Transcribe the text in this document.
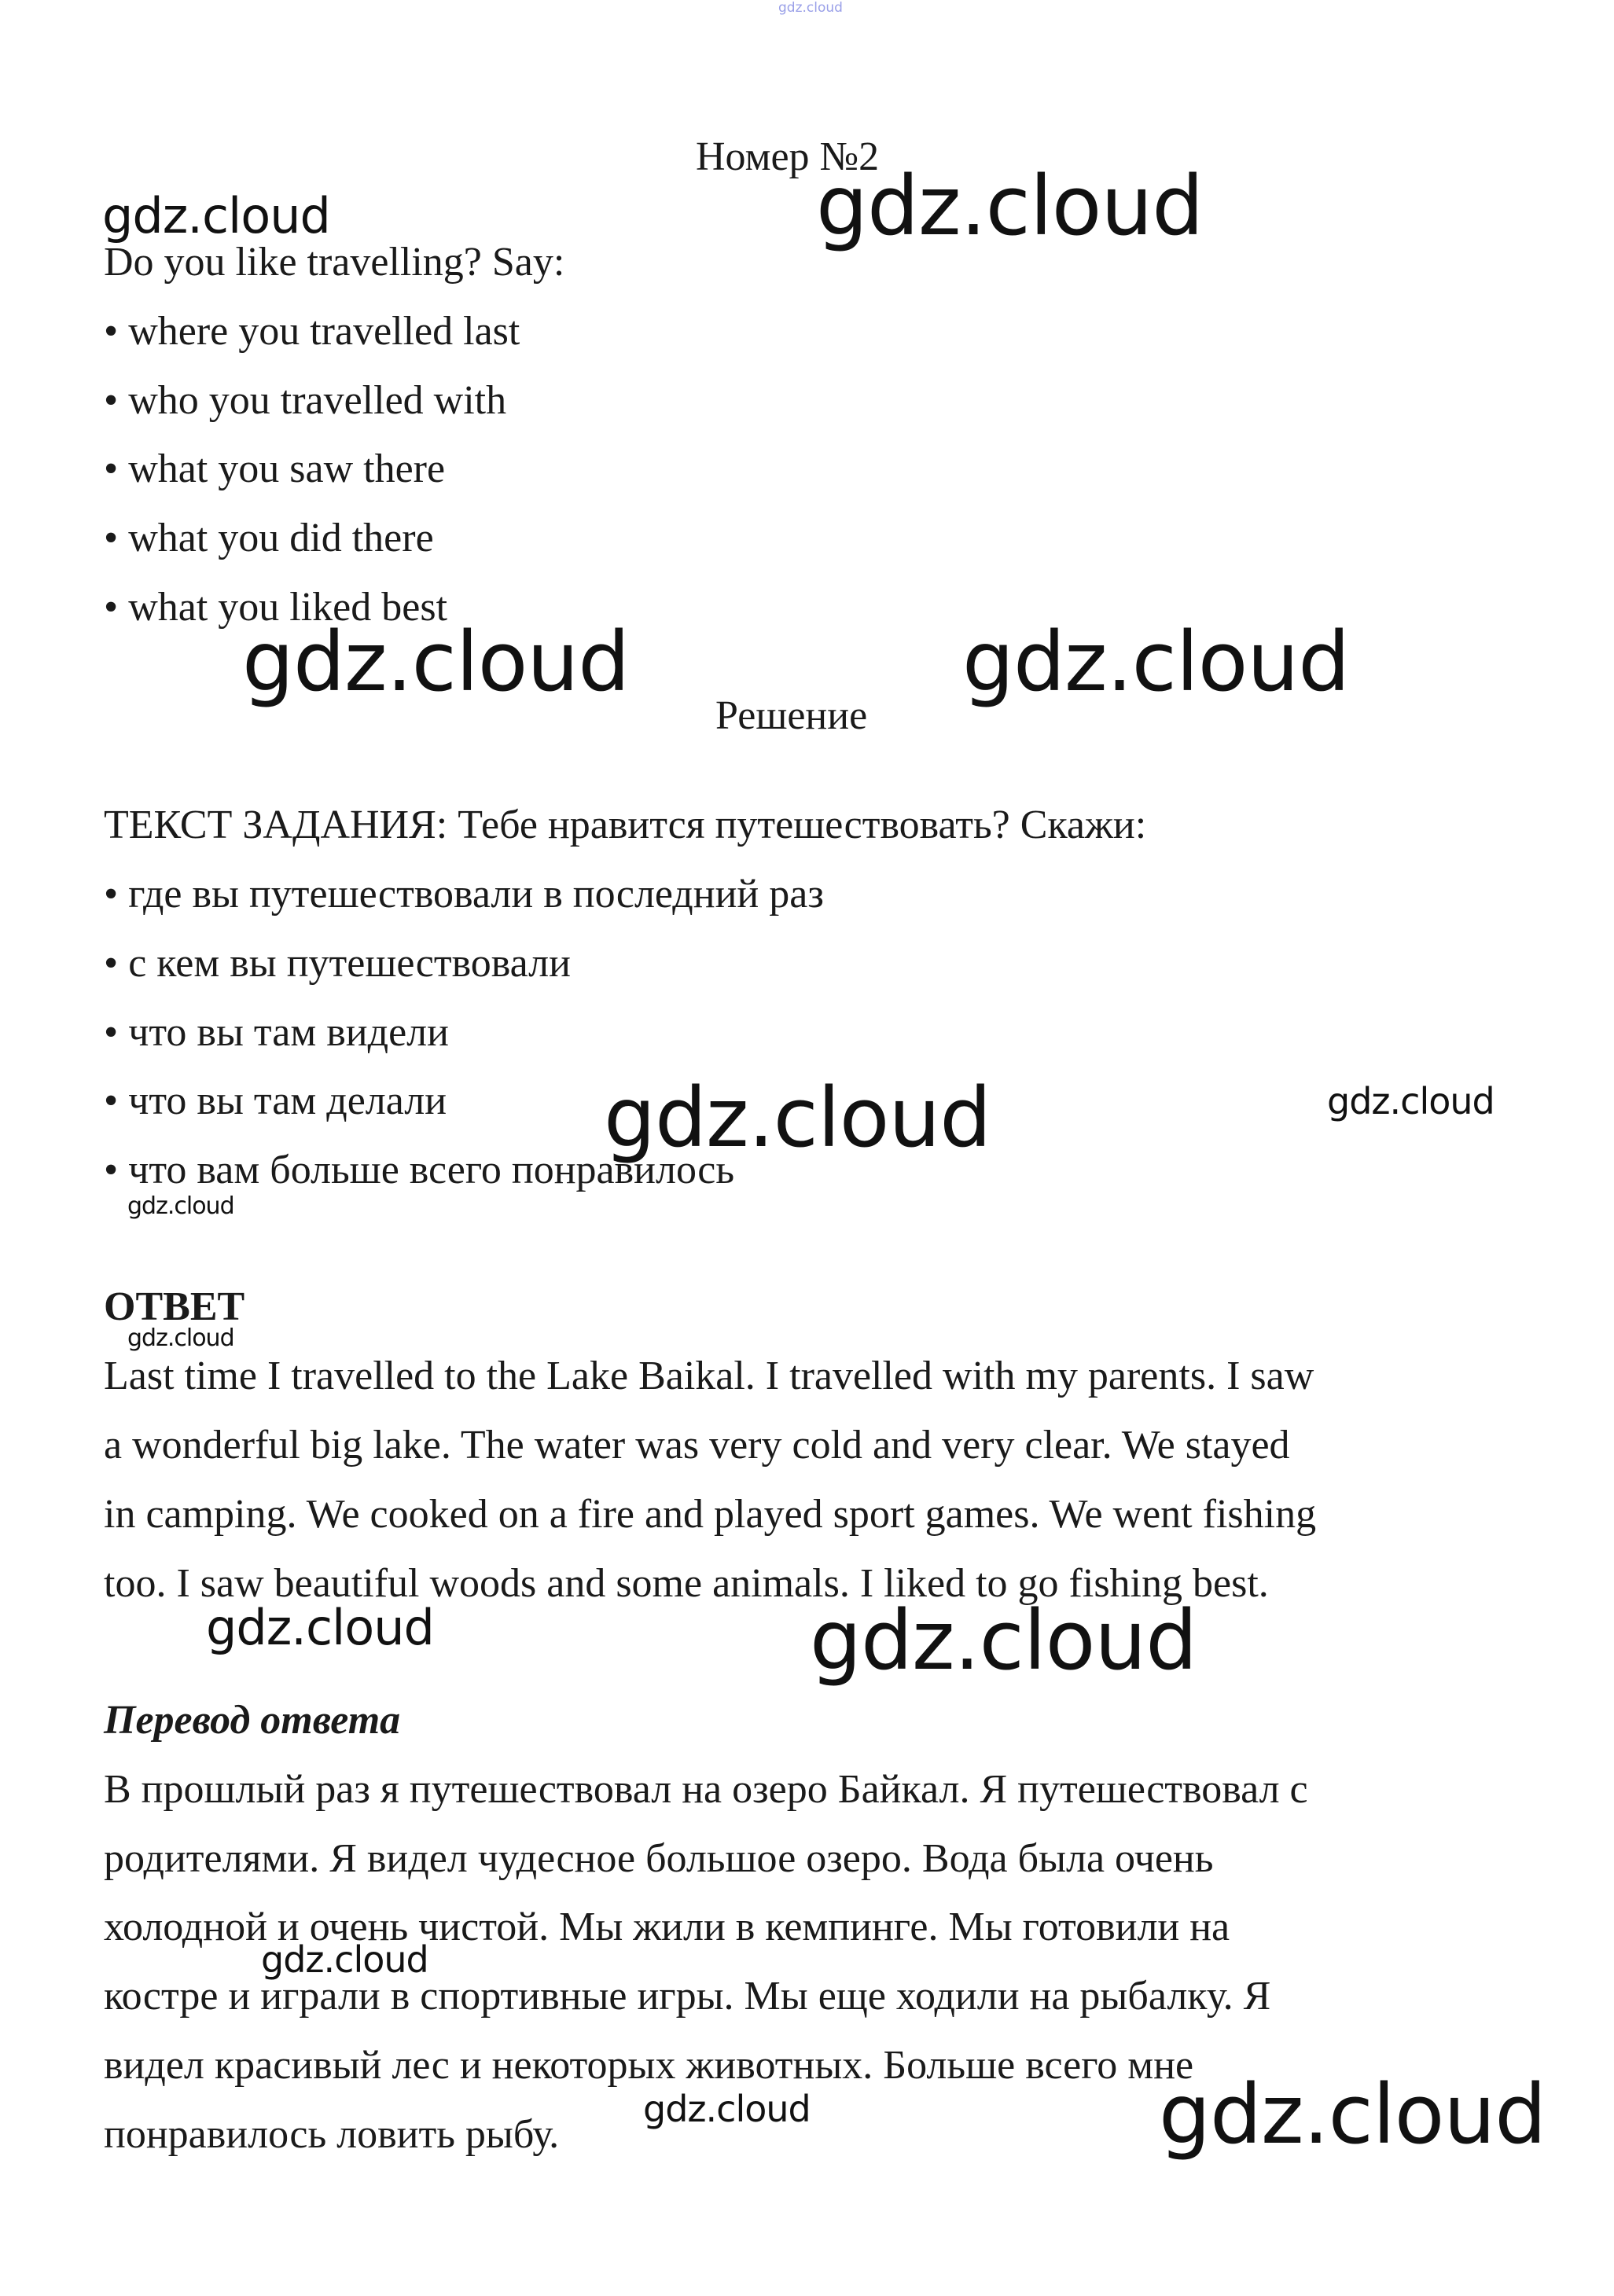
gdz.cloud
Номер №2
Do you like travelling? Say:
• where you travelled last
• who you travelled with
• what you saw there
• what you did there
• what you liked best
Решение
ТЕКСТ ЗАДАНИЯ: Тебе нравится путешествовать? Скажи:
• где вы путешествовали в последний раз
• с кем вы путешествовали
• что вы там видели
• что вы там делали
• что вам больше всего понравилось
ОТВЕТ
Last time I travelled to the Lake Baikal. I travelled with my parents. I saw
a wonderful big lake. The water was very cold and very clear. We stayed
in camping. We cooked on a fire and played sport games. We went fishing
too. I saw beautiful woods and some animals. I liked to go fishing best.
Перевод ответа
В прошлый раз я путешествовал на озеро Байкал. Я путешествовал с
родителями. Я видел чудесное большое озеро. Вода была очень
холодной и очень чистой. Мы жили в кемпинге. Мы готовили на
костре и играли в спортивные игры. Мы еще ходили на рыбалку. Я
видел красивый лес и некоторых животных. Больше всего мне
понравилось ловить рыбу.
gdz.cloud	gdz.cloud
gdz.cloud	gdz.cloud
gdz.cloud	gdz.cloud
gdz.cloud
gdz.cloud
gdz.cloud	gdz.cloud
gdz.cloud
gdz.cloud	gdz.cloud
